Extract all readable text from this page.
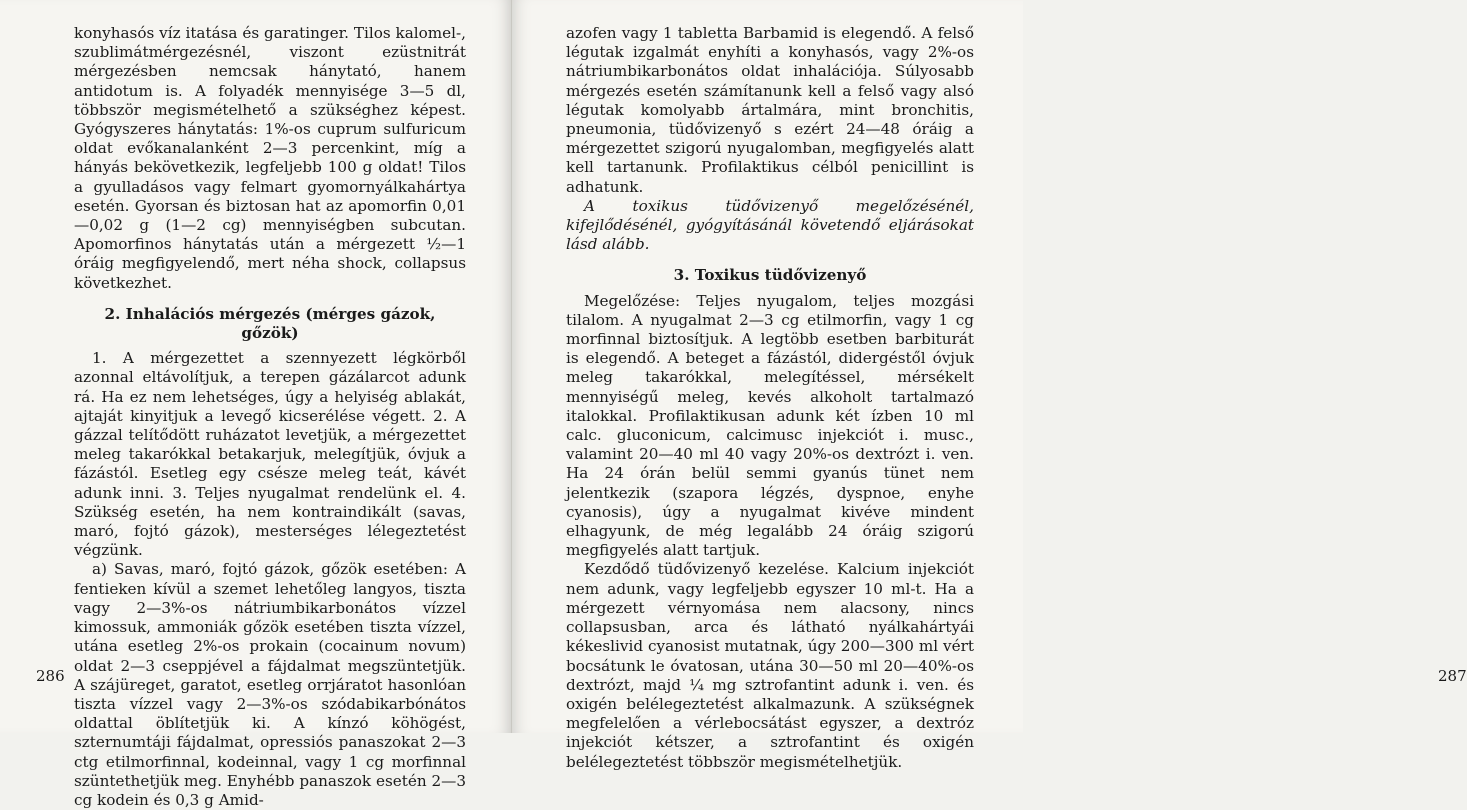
konyhasós víz itatása és garatinger. Tilos kalomel-, szublimátmérgezésnél, viszont ezüstnitrát mérgezésben nemcsak hánytató, hanem antidotum is. A folyadék mennyisége 3—5 dl, többször megismételhető a szükséghez képest. Gyógyszeres hánytatás: 1%-os cuprum sulfuricum oldat evőkanalanként 2—3 percenkint, míg a hányás bekövetkezik, legfeljebb 100 g oldat! Tilos a gyulladásos vagy felmart gyomornyálkahártya esetén. Gyorsan és biztosan hat az apomorfin 0,01—0,02 g (1—2 cg) mennyiségben subcutan. Apomorfinos hánytatás után a mérgezett ½—1 óráig megfigyelendő, mert néha shock, collapsus következhet.

2. Inhalációs mérgezés (mérges gázok, gőzök)

1. A mérgezettet a szennyezett légkörből azonnal eltávolítjuk, a terepen gázálarcot adunk rá. Ha ez nem lehetséges, úgy a helyiség ablakát, ajtaját kinyitjuk a levegő kicserélése végett. 2. A gázzal telítődött ruházatot levetjük, a mérgezettet meleg takarókkal betakarjuk, melegítjük, óvjuk a fázástól. Esetleg egy csésze meleg teát, kávét adunk inni. 3. Teljes nyugalmat rendelünk el. 4. Szükség esetén, ha nem kontraindikált (savas, maró, fojtó gázok), mesterséges lélegeztetést végzünk.

a) Savas, maró, fojtó gázok, gőzök esetében: A fentieken kívül a szemet lehetőleg langyos, tiszta vagy 2—3%-os nátriumbikarbonátos vízzel kimossuk, ammoniák gőzök esetében tiszta vízzel, utána esetleg 2%-os prokain (cocainum novum) oldat 2—3 cseppjével a fájdalmat megszüntetjük. A szájüreget, garatot, esetleg orrjáratot hasonlóan tiszta vízzel vagy 2—3%-os szódabikarbónátos oldattal öblítetjük ki. A kínzó köhögést, szternumtáji fájdalmat, opressiós panaszokat 2—3 ctg etilmorfinnal, kodeinnal, vagy 1 cg morfinnal szüntethetjük meg. Enyhébb panaszok esetén 2—3 cg kodein és 0,3 g Amid-

286

azofen vagy 1 tabletta Barbamid is elegendő. A felső légutak izgalmát enyhíti a konyhasós, vagy 2%-os nátriumbikarbonátos oldat inhalációja. Súlyosabb mérgezés esetén számítanunk kell a felső vagy alsó légutak komolyabb ártalmára, mint bronchitis, pneumonia, tüdővizenyő s ezért 24—48 óráig a mérgezettet szigorú nyugalomban, megfigyelés alatt kell tartanunk. Profilaktikus célból penicillint is adhatunk.

A toxikus tüdővizenyő megelőzésénél, kifejlődésénél, gyógyításánál követendő eljárásokat lásd alább.

3. Toxikus tüdővizenyő

Megelőzése: Teljes nyugalom, teljes mozgási tilalom. A nyugalmat 2—3 cg etilmorfin, vagy 1 cg morfinnal biztosítjuk. A legtöbb esetben barbiturát is elegendő. A beteget a fázástól, didergéstől óvjuk meleg takarókkal, melegítéssel, mérsékelt mennyiségű meleg, kevés alkoholt tartalmazó italokkal. Profilaktikusan adunk két ízben 10 ml calc. gluconicum, calcimusc injekciót i. musc., valamint 20—40 ml 40 vagy 20%-os dextrózt i. ven. Ha 24 órán belül semmi gyanús tünet nem jelentkezik (szapora légzés, dyspnoe, enyhe cyanosis), úgy a nyugalmat kivéve mindent elhagyunk, de még legalább 24 óráig szigorú megfigyelés alatt tartjuk.

Kezdődő tüdővizenyő kezelése. Kalcium injekciót nem adunk, vagy legfeljebb egyszer 10 ml-t. Ha a mérgezett vérnyomása nem alacsony, nincs collapsusban, arca és látható nyálkahártyái kékeslivid cyanosist mutatnak, úgy 200—300 ml vért bocsátunk le óvatosan, utána 30—50 ml 20—40%-os dextrózt, majd ¼ mg sztrofantint adunk i. ven. és oxigén belélegeztetést alkalmazunk. A szükségnek megfelelően a vérlebocsátást egyszer, a dextróz injekciót kétszer, a sztrofantint és oxigén belélegeztetést többször megismételhetjük.

287
